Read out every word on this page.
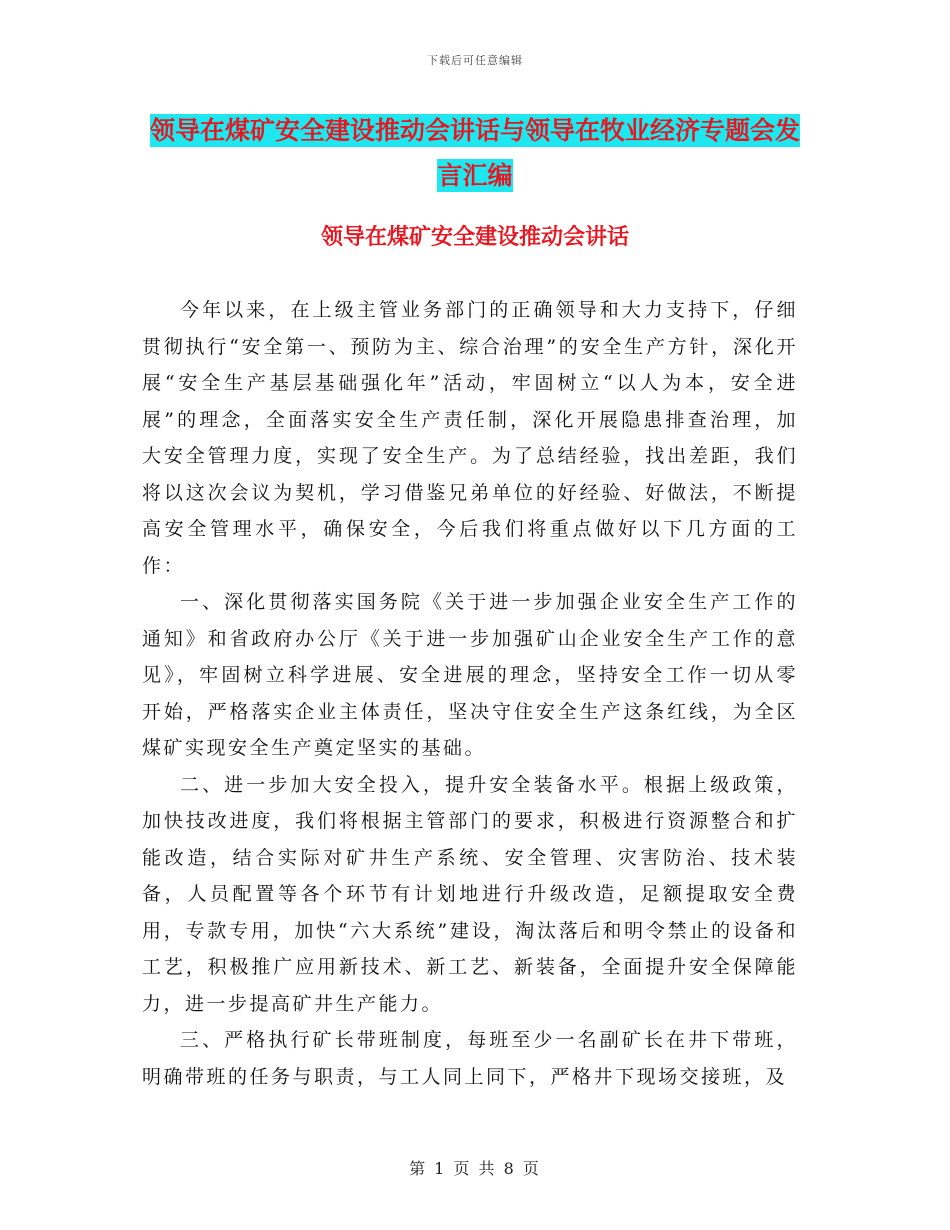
下载后可任意编辑
领导在煤矿安全建设推动会讲话与领导在牧业经济专题会发言汇编
领导在煤矿安全建设推动会讲话

今年以来，在上级主管业务部门的正确领导和大力支持下，仔细贯彻执行“安全第一、预防为主、综合治理”的安全生产方针，深化开展“安全生产基层基础强化年”活动，牢固树立“以人为本，安全进展”的理念，全面落实安全生产责任制，深化开展隐患排查治理，加大安全管理力度，实现了安全生产。为了总结经验，找出差距，我们将以这次会议为契机，学习借鉴兄弟单位的好经验、好做法，不断提高安全管理水平，确保安全，今后我们将重点做好以下几方面的工作：

一、深化贯彻落实国务院《关于进一步加强企业安全生产工作的通知》和省政府办公厅《关于进一步加强矿山企业安全生产工作的意见》，牢固树立科学进展、安全进展的理念，坚持安全工作一切从零开始，严格落实企业主体责任，坚决守住安全生产这条红线，为全区煤矿实现安全生产奠定坚实的基础。

二、进一步加大安全投入，提升安全装备水平。根据上级政策，加快技改进度，我们将根据主管部门的要求，积极进行资源整合和扩能改造，结合实际对矿井生产系统、安全管理、灾害防治、技术装备，人员配置等各个环节有计划地进行升级改造，足额提取安全费用，专款专用，加快“六大系统”建设，淘汰落后和明令禁止的设备和工艺，积极推广应用新技术、新工艺、新装备，全面提升安全保障能力，进一步提高矿井生产能力。

三、严格执行矿长带班制度，每班至少一名副矿长在井下带班，明确带班的任务与职责，与工人同上同下，严格井下现场交接班，及

第 1 页 共 8 页
